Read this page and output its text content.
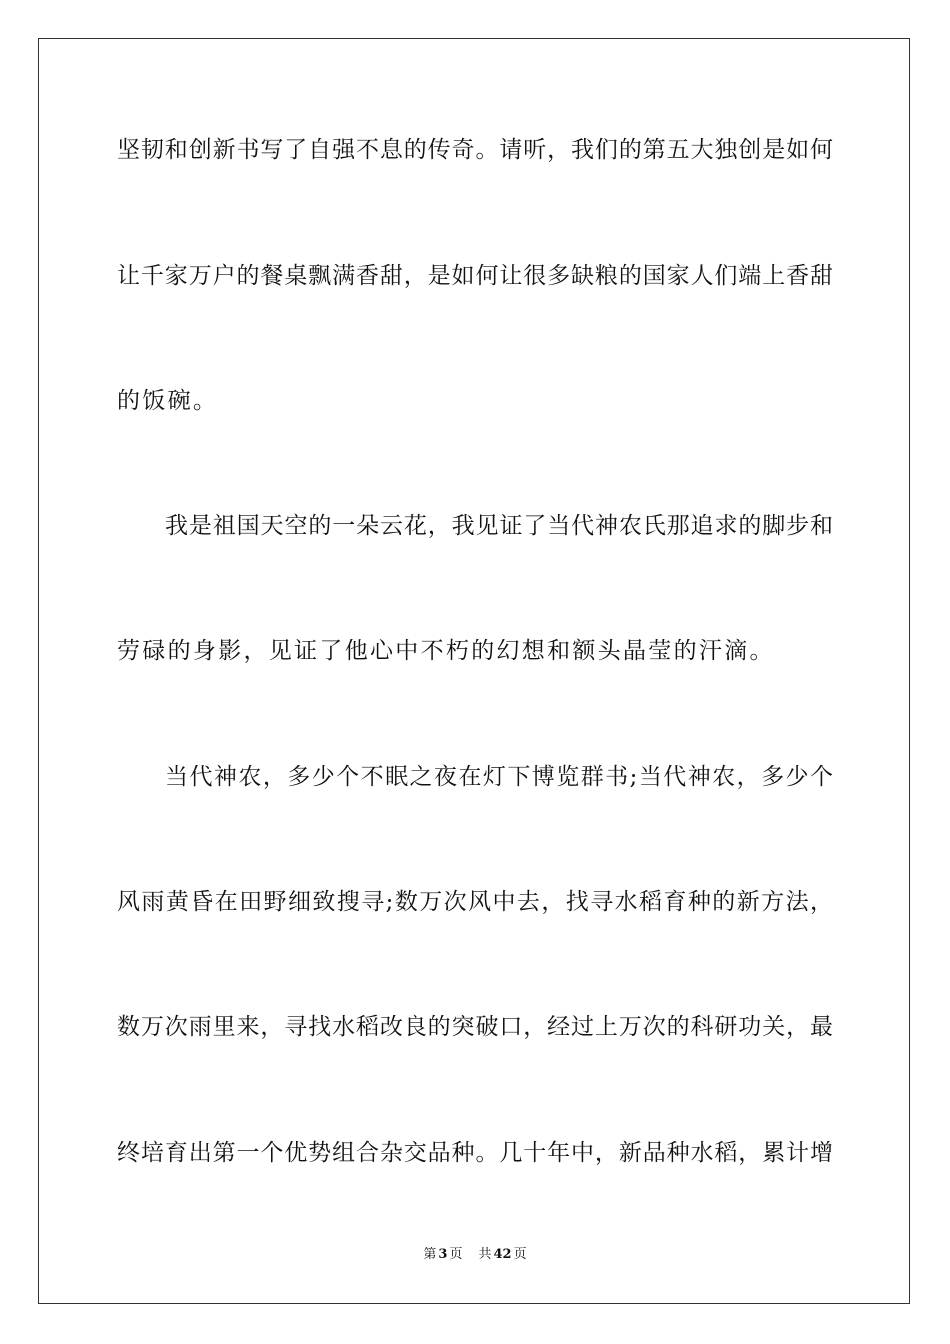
坚韧和创新书写了自强不息的传奇。请听，我们的第五大独创是如何
让千家万户的餐桌飘满香甜，是如何让很多缺粮的国家人们端上香甜
的饭碗。
我是祖国天空的一朵云花，我见证了当代神农氏那追求的脚步和
劳碌的身影，见证了他心中不朽的幻想和额头晶莹的汗滴。
当代神农，多少个不眠之夜在灯下博览群书;当代神农，多少个
风雨黄昏在田野细致搜寻;数万次风中去，找寻水稻育种的新方法，
数万次雨里来，寻找水稻改良的突破口，经过上万次的科研功关，最
终培育出第一个优势组合杂交品种。几十年中，新品种水稻，累计增
第 3 页 共 42 页
